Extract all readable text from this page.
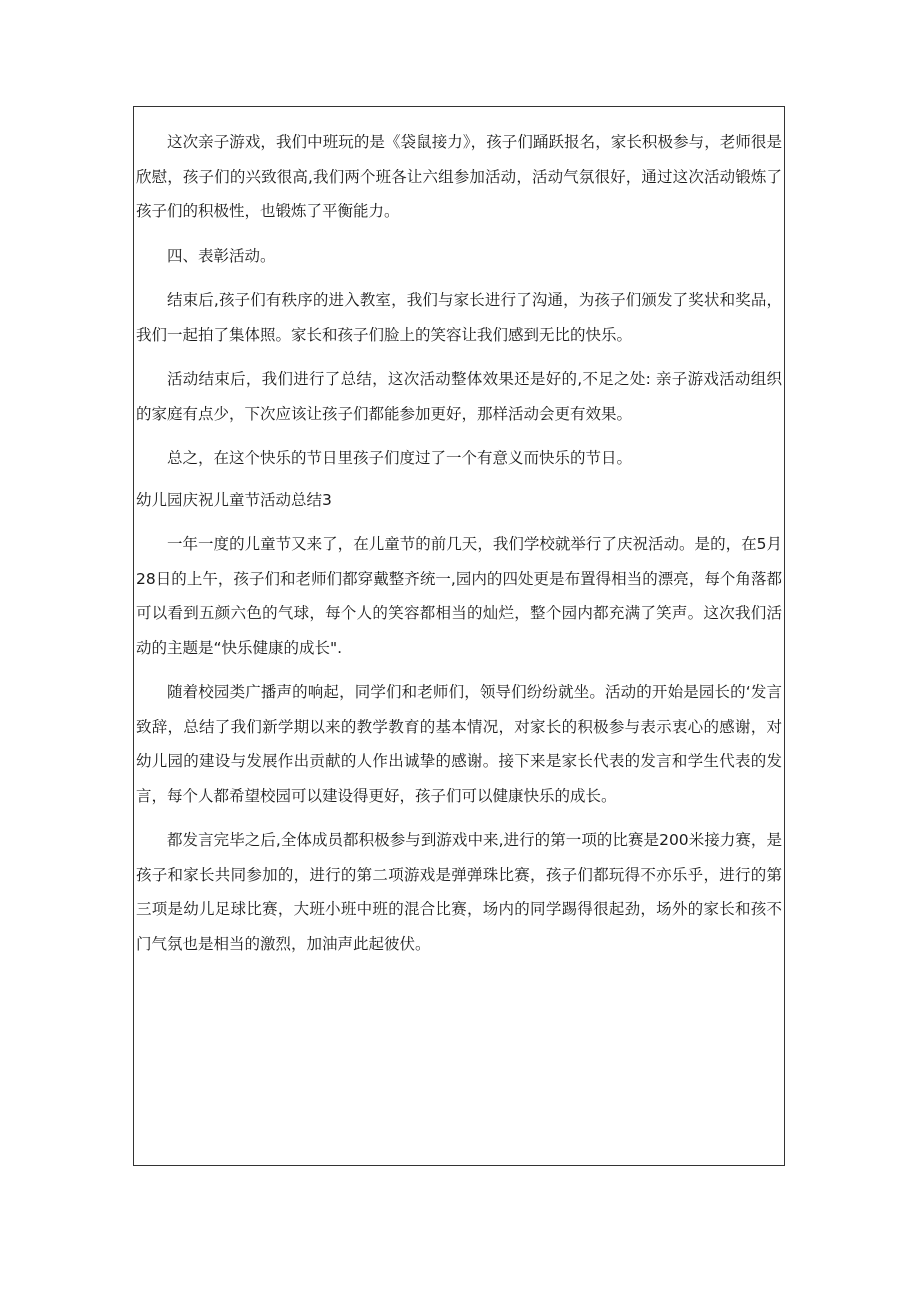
这次亲子游戏，我们中班玩的是《袋鼠接力》，孩子们踊跃报名，家长积极参与，老师很是欣慰，孩子们的兴致很高,我们两个班各让六组参加活动，活动气氛很好，通过这次活动锻炼了孩子们的积极性，也锻炼了平衡能力。

四、表彰活动。

结束后,孩子们有秩序的进入教室，我们与家长进行了沟通，为孩子们颁发了奖状和奖品，我们一起拍了集体照。家长和孩子们脸上的笑容让我们感到无比的快乐。

活动结束后，我们进行了总结，这次活动整体效果还是好的,不足之处: 亲子游戏活动组织的家庭有点少，下次应该让孩子们都能参加更好，那样活动会更有效果。

总之，在这个快乐的节日里孩子们度过了一个有意义而快乐的节日。

幼儿园庆祝儿童节活动总结3

一年一度的儿童节又来了，在儿童节的前几天，我们学校就举行了庆祝活动。是的，在5月28日的上午，孩子们和老师们都穿戴整齐统一,园内的四处更是布置得相当的漂亮，每个角落都可以看到五颜六色的气球，每个人的笑容都相当的灿烂，整个园内都充满了笑声。这次我们活动的主题是“快乐健康的成长".

随着校园类广播声的响起，同学们和老师们，领导们纷纷就坐。活动的开始是园长的‘发言致辞，总结了我们新学期以来的教学教育的基本情况，对家长的积极参与表示衷心的感谢，对幼儿园的建设与发展作出贡献的人作出诚挚的感谢。接下来是家长代表的发言和学生代表的发言，每个人都希望校园可以建设得更好，孩子们可以健康快乐的成长。

都发言完毕之后,全体成员都积极参与到游戏中来,进行的第一项的比赛是200米接力赛，是孩子和家长共同参加的，进行的第二项游戏是弹弹珠比赛，孩子们都玩得不亦乐乎，进行的第三项是幼儿足球比赛，大班小班中班的混合比赛，场内的同学踢得很起劲，场外的家长和孩不门气氛也是相当的激烈，加油声此起彼伏。
